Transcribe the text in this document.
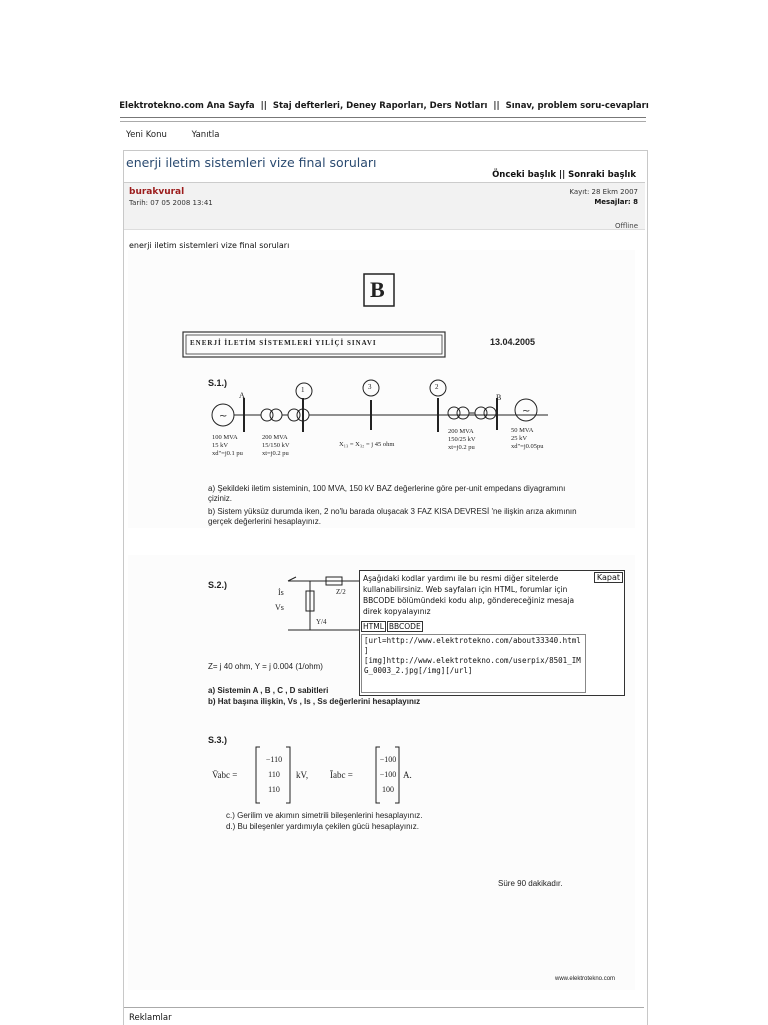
Elektrotekno.com Ana Sayfa || Staj defterleri, Deney Raporları, Ders Notları || Sınav, problem soru-cevapları
Yeni Konu	Yanıtla
enerji iletim sistemleri vize final soruları
Önceki başlık || Sonraki başlık
burakvural
Tarih: 07 05 2008 13:41
Kayıt: 28 Ekm 2007
Mesajlar: 8
Offline
enerji iletim sistemleri vize final soruları
~	~
B
ENERJİ İLETİM SİSTEMLERİ YILİÇİ SINAVI	13.04.2005
S.1.)
A	B
1	3	2
100 MVA
15 kV
xd"=j0.1 pu
200 MVA
15/150 kV
xt=j0.2 pu
X₁₃ = X₃₂ = j 45 ohm
200 MVA
150/25 kV
xt=j0.2 pu
50 MVA
25 kV
xd"=j0.05pu
a) Şekildeki iletim sisteminin, 100 MVA, 150 kV BAZ değerlerine göre per-unit empedans diyagramını çiziniz.
b) Sistem yüksüz durumda iken, 2 no'lu barada oluşacak 3 FAZ KISA DEVRESİ 'ne ilişkin arıza akımının gerçek değerlerini hesaplayınız.
S.2.)
İs
Vs
Z/2
Y/4
Z= j 40 ohm, Y = j 0.004 (1/ohm)
a) Sistemin A , B , C , D sabitleri
b) Hat başına ilişkin, Vs , Is , Ss değerlerini hesaplayınız
S.3.)
V̄abc =
−110
110
110
kV, Īabc =
−100
−100
100
A.
c.) Gerilim ve akımın simetrili bileşenlerini hesaplayınız.
d.) Bu bileşenler yardımıyla çekilen gücü hesaplayınız.
Süre 90 dakikadır.
www.elektrotekno.com
Aşağıdaki kodlar yardımı ile bu resmi diğer sitelerde kullanabilirsiniz. Web sayfaları için HTML, forumlar için BBCODE bölümündeki kodu alıp, göndereceğiniz mesaja direk kopyalayınız
Kapat
HTML BBCODE
[url=http://www.elektrotekno.com/about33340.html] [img]http://www.elektrotekno.com/userpix/8501_IMG_0003_2.jpg[/img][/url]
Reklamlar
